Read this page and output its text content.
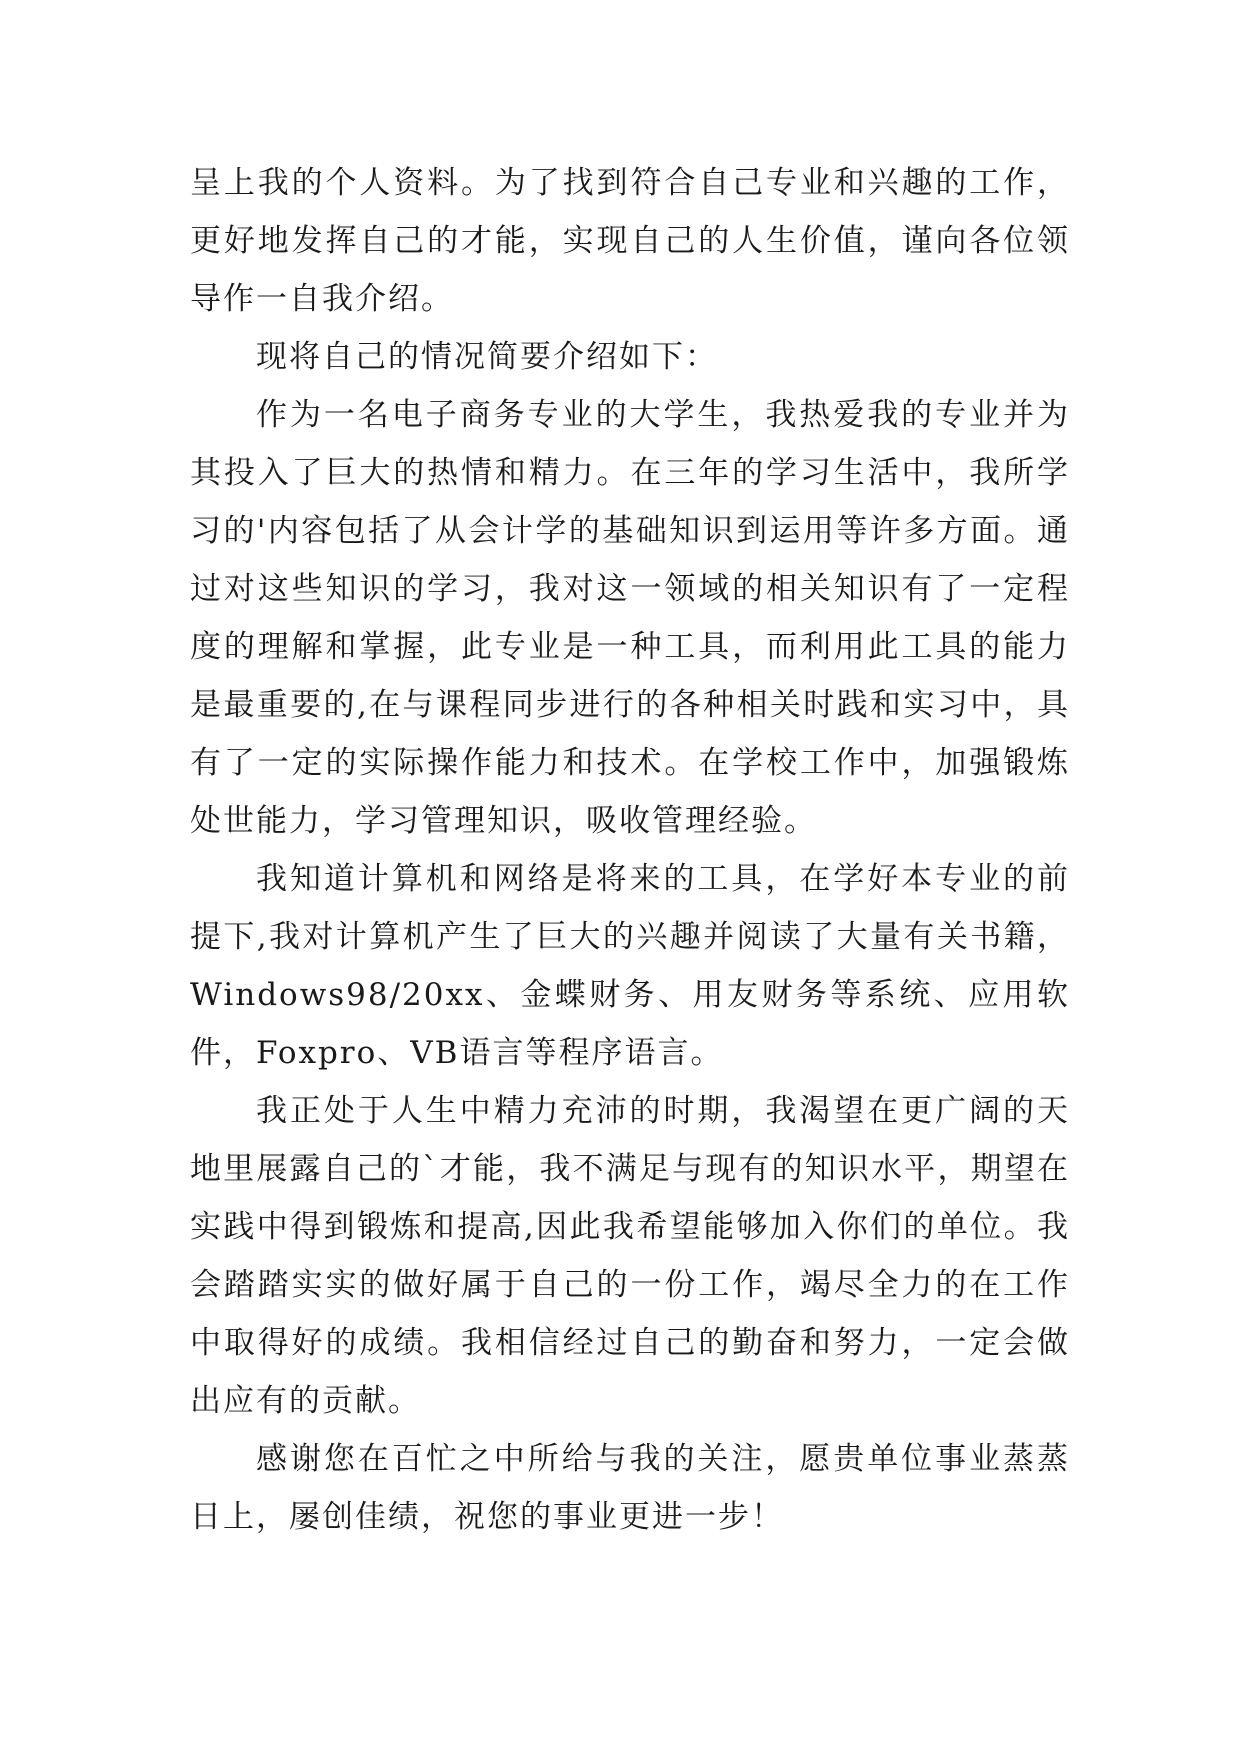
呈上我的个人资料。为了找到符合自己专业和兴趣的工作，更好地发挥自己的才能，实现自己的人生价值，谨向各位领导作一自我介绍。

现将自己的情况简要介绍如下：

作为一名电子商务专业的大学生，我热爱我的专业并为其投入了巨大的热情和精力。在三年的学习生活中，我所学习的'内容包括了从会计学的基础知识到运用等许多方面。通过对这些知识的学习，我对这一领域的相关知识有了一定程度的理解和掌握，此专业是一种工具，而利用此工具的能力是最重要的,在与课程同步进行的各种相关时践和实习中，具有了一定的实际操作能力和技术。在学校工作中，加强锻炼处世能力，学习管理知识，吸收管理经验。

我知道计算机和网络是将来的工具，在学好本专业的前提下,我对计算机产生了巨大的兴趣并阅读了大量有关书籍，Windows98/20xx、金蝶财务、用友财务等系统、应用软件，Foxpro、VB语言等程序语言。

我正处于人生中精力充沛的时期，我渴望在更广阔的天地里展露自己的`才能，我不满足与现有的知识水平，期望在实践中得到锻炼和提高,因此我希望能够加入你们的单位。我会踏踏实实的做好属于自己的一份工作，竭尽全力的在工作中取得好的成绩。我相信经过自己的勤奋和努力，一定会做出应有的贡献。

感谢您在百忙之中所给与我的关注，愿贵单位事业蒸蒸日上，屡创佳绩，祝您的事业更进一步！
